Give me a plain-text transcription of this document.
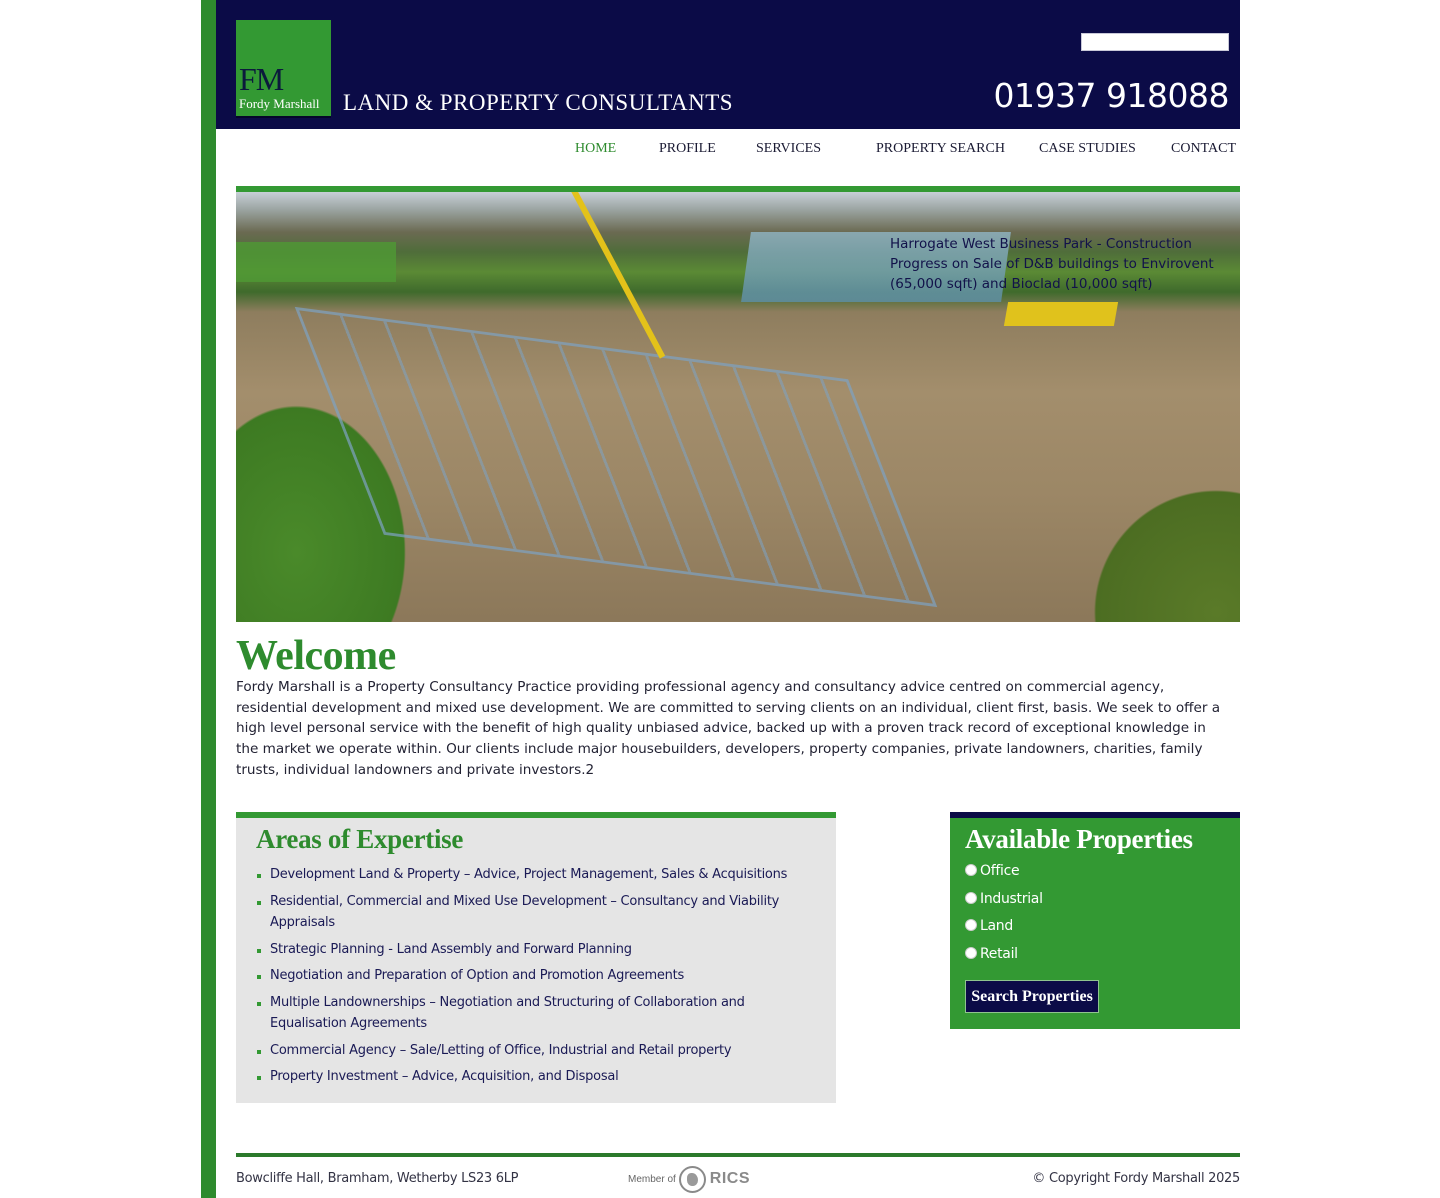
FM
Fordy Marshall LAND & PROPERTY CONSULTANTS	01937 918088
HOME	PROFILE	SERVICES	PROPERTY SEARCH CASE STUDIES	CONTACT
Harrogate West Business Park - Construction Progress on Sale of D&B buildings to Envirovent (65,000 sqft) and Bioclad (10,000 sqft)
Welcome

Fordy Marshall is a Property Consultancy Practice providing professional agency and consultancy advice centred on commercial agency, residential development and mixed use development. We are committed to serving clients on an individual, client first, basis. We seek to offer a high level personal service with the benefit of high quality unbiased advice, backed up with a proven track record of exceptional knowledge in the market we operate within. Our clients include major housebuilders, developers, property companies, private landowners, charities, family trusts, individual landowners and private investors.2

Areas of Expertise
Development Land & Property – Advice, Project Management, Sales & Acquisitions
Residential, Commercial and Mixed Use Development – Consultancy and Viability Appraisals
Strategic Planning - Land Assembly and Forward Planning
Negotiation and Preparation of Option and Promotion Agreements
Multiple Landownerships – Negotiation and Structuring of Collaboration and Equalisation Agreements
Commercial Agency – Sale/Letting of Office, Industrial and Retail property
Property Investment – Advice, Acquisition, and Disposal
Available Properties
Office
Industrial
Land
Retail
Search Properties
Bowcliffe Hall, Bramham, Wetherby LS23 6LP	Member of RICS	© Copyright Fordy Marshall 2025
